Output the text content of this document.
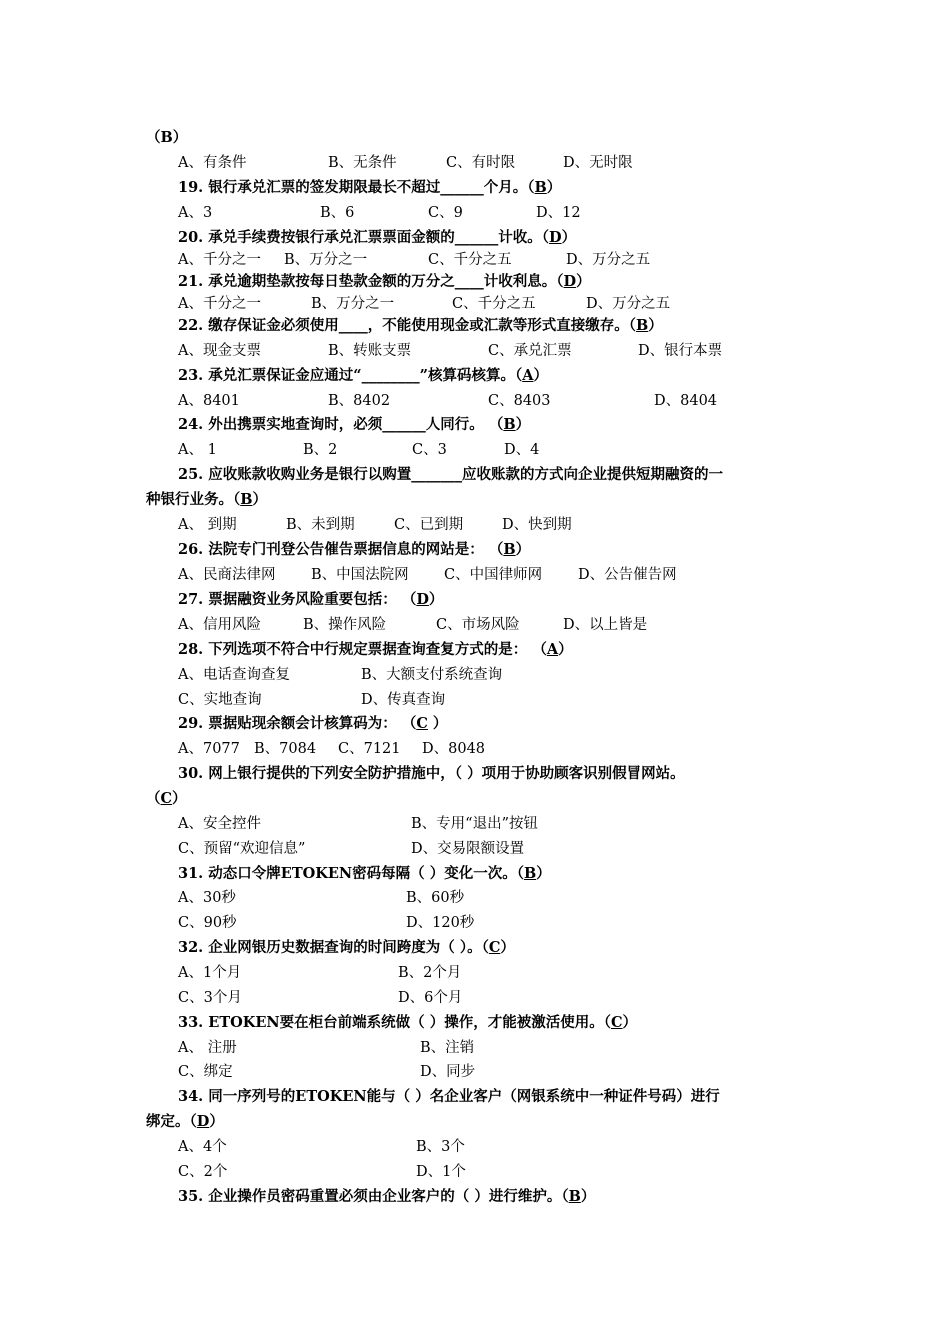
（B）
A、有条件	B、无条件	C、有时限	D、无时限
19. 银行承兑汇票的签发期限最长不超过______个月。（B）
A、3	B、6	C、9	D、12
20. 承兑手续费按银行承兑汇票票面金额的______计收。（D）
A、千分之一 B、万分之一	C、千分之五	D、万分之五
21. 承兑逾期垫款按每日垫款金额的万分之____计收利息。（D）
A、千分之一	B、万分之一	C、千分之五	D、万分之五
22. 缴存保证金必须使用____，不能使用现金或汇款等形式直接缴存。（B）
A、现金支票	B、转账支票	C、承兑汇票	D、银行本票
23. 承兑汇票保证金应通过“________”核算码核算。（A）
A、8401	B、8402	C、8403	D、8404
24. 外出携票实地查询时，必须______人同行。 （B）
A、 1	B、2	C、3	D、4
25. 应收账款收购业务是银行以购置_______应收账款的方式向企业提供短期融资的一
种银行业务。（B）
A、 到期	B、未到期	C、已到期	D、快到期
26. 法院专门刊登公告催告票据信息的网站是： （B）
A、民商法律网 B、中国法院网 C、中国律师网 D、公告催告网
27. 票据融资业务风险重要包括： （D）
A、信用风险	B、操作风险	C、市场风险	D、以上皆是
28. 下列选项不符合中行规定票据查询查复方式的是： （A）
A、电话查询查复	B、大额支付系统查询
C、实地查询	D、传真查询
29. 票据贴现余额会计核算码为： （C ）
A、7077 B、7084 C、7121 D、8048
30. 网上银行提供的下列安全防护措施中，（ ）项用于协助顾客识别假冒网站。
（C）
A、安全控件	B、专用“退出”按钮
C、预留“欢迎信息”	D、交易限额设置
31. 动态口令牌ETOKEN密码每隔（ ）变化一次。（B）
A、30秒	B、60秒
C、90秒	D、120秒
32. 企业网银历史数据查询的时间跨度为（ ）。（C）
A、1个月	B、2个月
C、3个月	D、6个月
33. ETOKEN要在柜台前端系统做（ ）操作，才能被激活使用。（C）
A、 注册	B、注销
C、绑定	D、同步
34. 同一序列号的ETOKEN能与（ ）名企业客户（网银系统中一种证件号码）进行
绑定。（D）
A、4个	B、3个
C、2个	D、1个
35. 企业操作员密码重置必须由企业客户的（ ）进行维护。（B）
